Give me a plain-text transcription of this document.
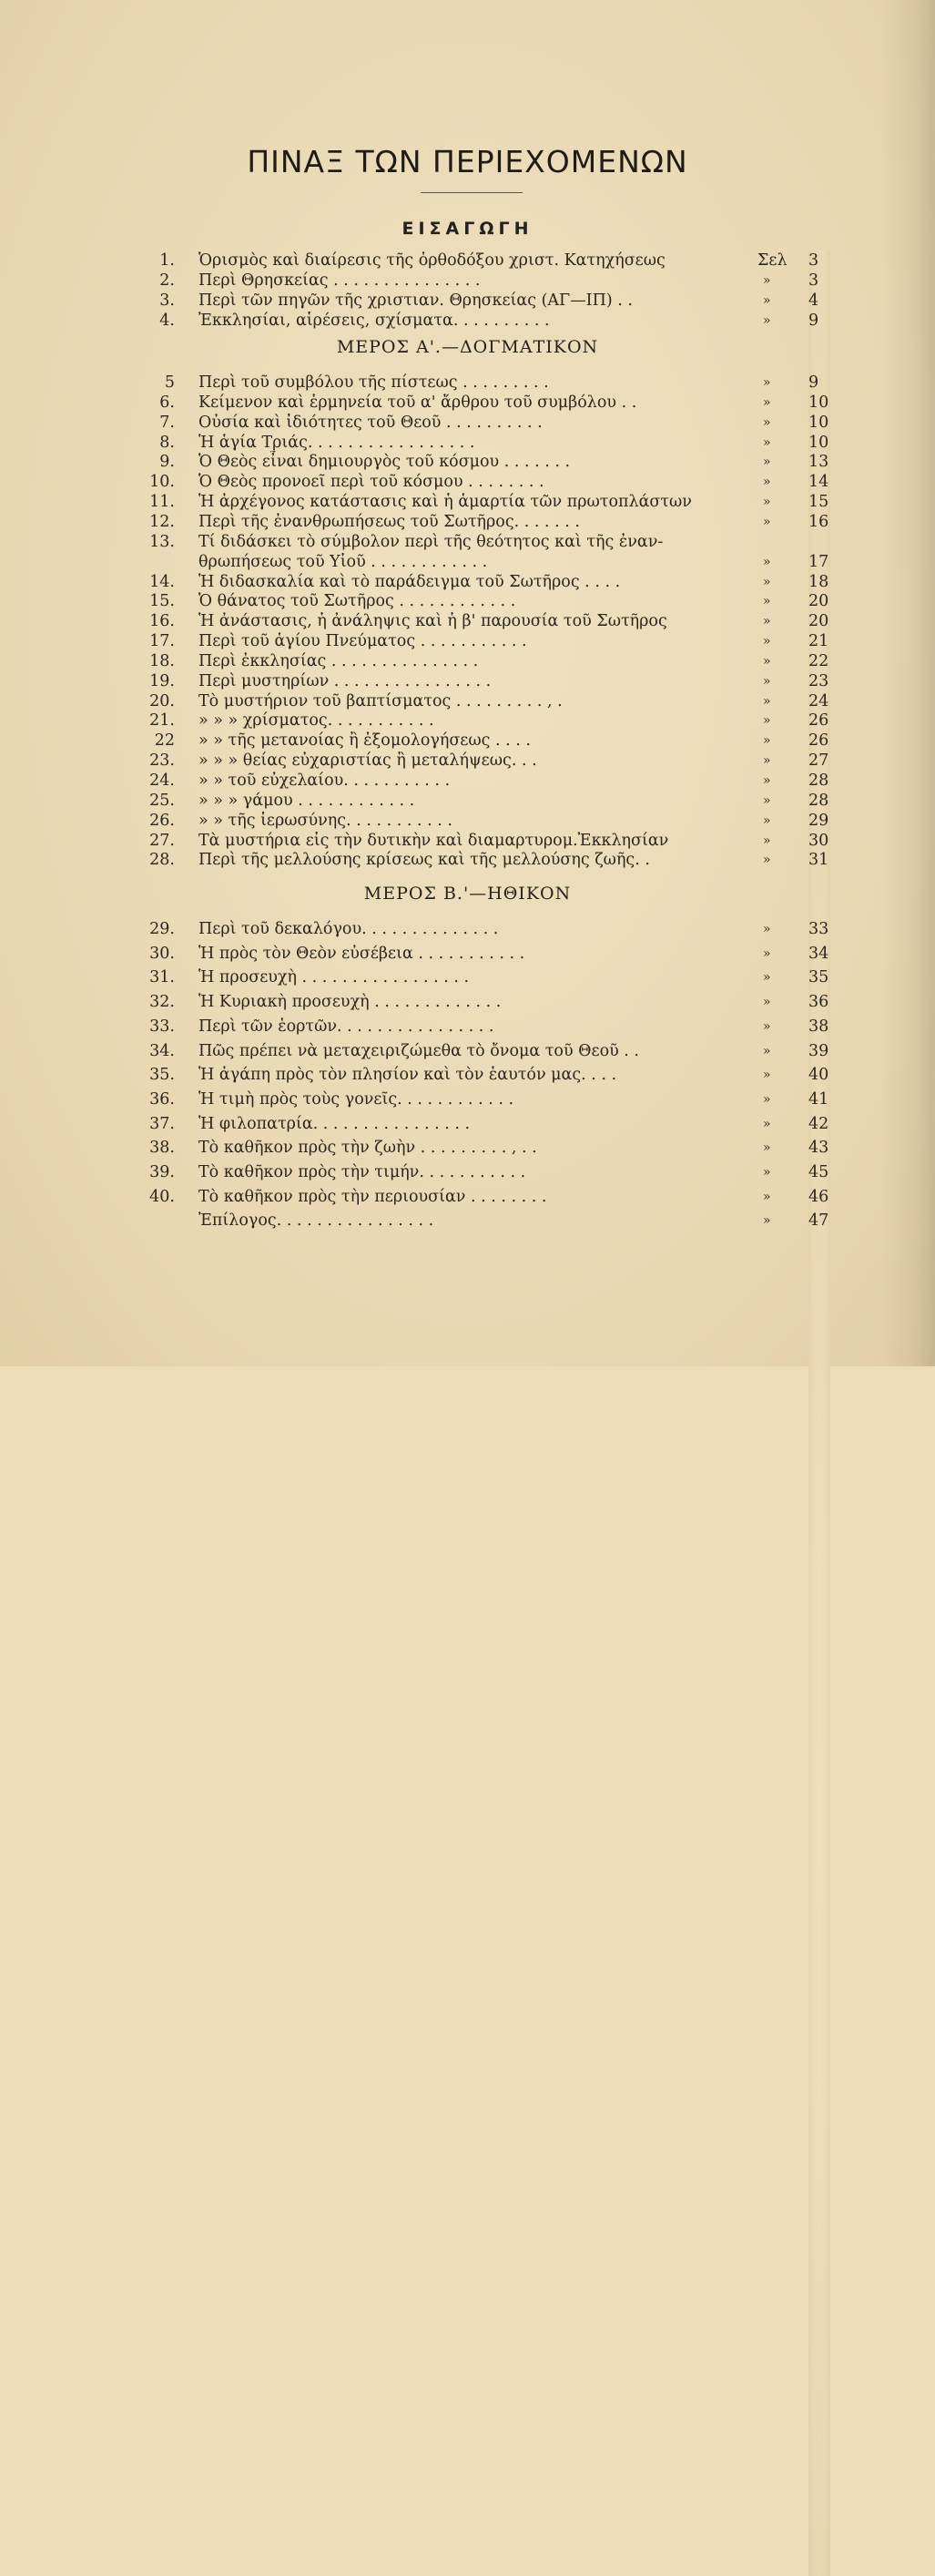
ΠΙΝΑΞ ΤΩΝ ΠΕΡΙΕΧΟΜΕΝΩΝ
ΕΙΣΑΓΩΓΗ
1. Ὁρισμὸς καὶ διαίρεσις τῆς ὀρθοδόξου χριστ. Κατηχήσεως	Σελ 3
2. Περὶ Θρησκείας . . . . . . . . . . . . . . .	» 3
3. Περὶ τῶν πηγῶν τῆς χριστιαν. Θρησκείας (ΑΓ—ΙΠ) . .	» 4
4. Ἐκκλησίαι, αἱρέσεις, σχίσματα. . . . . . . . . .	» 9
ΜΕΡΟΣ Α'.—ΔΟΓΜΑΤΙΚΟΝ
5 Περὶ τοῦ συμβόλου τῆς πίστεως . . . . . . . . .	» 9
6. Κείμενον καὶ ἑρμηνεία τοῦ α' ἄρθρου τοῦ συμβόλου . .	» 10
7. Οὐσία καὶ ἰδιότητες τοῦ Θεοῦ . . . . . . . . . .	» 10
8. Ἡ ἁγία Τριάς. . . . . . . . . . . . . . . . .	» 10
9. Ὁ Θεὸς εἶναι δημιουργὸς τοῦ κόσμου . . . . . . .	» 13
10. Ὁ Θεὸς προνοεῖ περὶ τοῦ κόσμου . . . . . . . .	» 14
11. Ἡ ἀρχέγονος κατάστασις καὶ ἡ ἁμαρτία τῶν πρωτοπλάστων	» 15
12. Περὶ τῆς ἐνανθρωπήσεως τοῦ Σωτῆρος. . . . . . .	» 16
13. Τί διδάσκει τὸ σύμβολον περὶ τῆς θεότητος καὶ τῆς ἐναν-
θρωπήσεως τοῦ Υἱοῦ . . . . . . . . . . . .	» 17
14. Ἡ διδασκαλία καὶ τὸ παράδειγμα τοῦ Σωτῆρος . . . .	» 18
15. Ὁ θάνατος τοῦ Σωτῆρος . . . . . . . . . . . .	» 20
16. Ἡ ἀνάστασις, ἡ ἀνάληψις καὶ ἡ β' παρουσία τοῦ Σωτῆρος	» 20
17. Περὶ τοῦ ἁγίου Πνεύματος . . . . . . . . . . .	» 21
18. Περὶ ἐκκλησίας . . . . . . . . . . . . . . .	» 22
19. Περὶ μυστηρίων . . . . . . . . . . . . . . . .	» 23
20. Τὸ μυστήριον τοῦ βαπτίσματος . . . . . . . . . , .	» 24
21. » » » χρίσματος. . . . . . . . . . .	» 26
22 » » τῆς μετανοίας ἢ ἐξομολογήσεως . . . .	» 26
23. » » » θείας εὐχαριστίας ἢ μεταλήψεως. . .	» 27
24. » » τοῦ εὐχελαίου. . . . . . . . . . .	» 28
25. » » » γάμου . . . . . . . . . . . .	» 28
26. » » τῆς ἱερωσύνης. . . . . . . . . . .	» 29
27. Τὰ μυστήρια εἰς τὴν δυτικὴν καὶ διαμαρτυρομ.Ἐκκλησίαν	» 30
28. Περὶ τῆς μελλούσης κρίσεως καὶ τῆς μελλούσης ζωῆς. .	» 31
ΜΕΡΟΣ Β.'—ΗΘΙΚΟΝ
29. Περὶ τοῦ δεκαλόγου. . . . . . . . . . . . . .	» 33
30. Ἡ πρὸς τὸν Θεὸν εὐσέβεια . . . . . . . . . . .	» 34
31. Ἡ προσευχὴ . . . . . . . . . . . . . . . . .	» 35
32. Ἡ Κυριακὴ προσευχὴ . . . . . . . . . . . . .	» 36
33. Περὶ τῶν ἑορτῶν. . . . . . . . . . . . . . . .	» 38
34. Πῶς πρέπει νὰ μεταχειριζώμεθα τὸ ὄνομα τοῦ Θεοῦ . .	» 39
35. Ἡ ἀγάπη πρὸς τὸν πλησίον καὶ τὸν ἑαυτόν μας. . . .	» 40
36. Ἡ τιμὴ πρὸς τοὺς γονεῖς. . . . . . . . . . . .	» 41
37. Ἡ φιλοπατρία. . . . . . . . . . . . . . . .	» 42
38. Τὸ καθῆκον πρὸς τὴν ζωὴν . . . . . . . . . , . .	» 43
39. Τὸ καθῆκον πρὸς τὴν τιμήν. . . . . . . . . . .	» 45
40. Τὸ καθῆκον πρὸς τὴν περιουσίαν . . . . . . . .	» 46
Ἐπίλογος. . . . . . . . . . . . . . . .	» 47
